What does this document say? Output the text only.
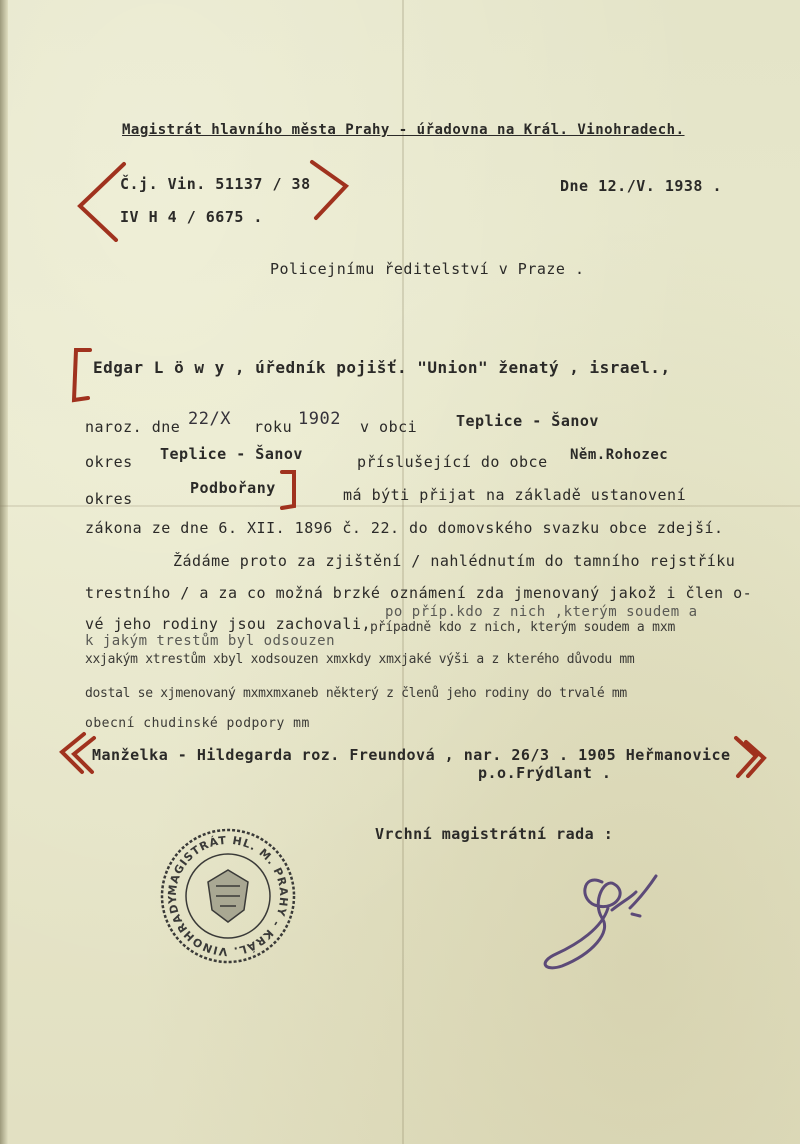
Magistrát hlavního města Prahy - úřadovna na Král. Vinohradech.
Č.j. Vin. 51137 / 38
IV H 4 / 6675 .
Dne 12./V. 1938 .
Policejnímu ředitelství v Praze .
Edgar L ö w y , úředník pojišť. "Union" ženatý , israel.,
naroz. dne 22/X roku 1902 v obci	Teplice - Šanov
okres Teplice - Šanov	příslušející do obce Něm.Rohozec
okres
Podbořany	má býti přijat na základě ustanovení
zákona ze dne 6. XII. 1896 č. 22. do domovského svazku obce zdejší.
Žádáme proto za zjištění / nahlédnutím do tamního rejstříku
trestního / a za co možná brzké oznámení zda jmenovaný jakož i člen o-
vé jeho rodiny jsou zachoval i,
po příp.kdo z nich ,kterým soudem a
případně kdo z nich, kterým soudem a mxm
k jakým trestům byl odsouzen
xxjakým xtrestům xbyl xodsouzen xmxkdy xmxjaké výši a z kterého důvodu mm
dostal se xjmenovaný mxmxmxaneb některý z členů jeho rodiny do trvalé mm
obecní chudinské podpory mm
Manželka - Hildegarda roz. Freundová , nar. 26/3 . 1905 Heřmanovice
p.o.Frýdlant .
Vrchní magistrátní rada :
MAGISTRÁT HL. M. PRAHY - KRÁL. VINOHRADY
